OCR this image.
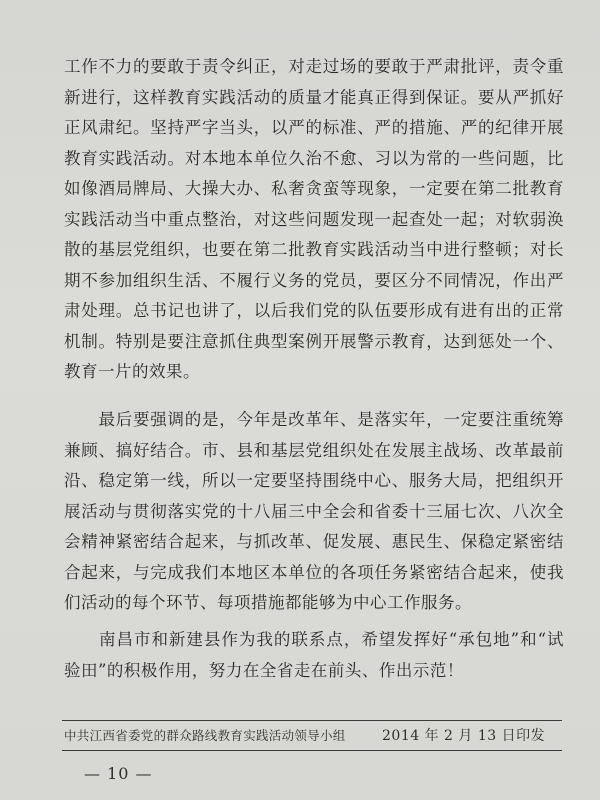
工作不力的要敢于责令纠正，对走过场的要敢于严肃批评，责令重新进行，这样教育实践活动的质量才能真正得到保证。要从严抓好正风肃纪。坚持严字当头，以严的标准、严的措施、严的纪律开展教育实践活动。对本地本单位久治不愈、习以为常的一些问题，比如像酒局牌局、大操大办、私奢贪蛮等现象，一定要在第二批教育实践活动当中重点整治，对这些问题发现一起查处一起；对软弱涣散的基层党组织，也要在第二批教育实践活动当中进行整顿；对长期不参加组织生活、不履行义务的党员，要区分不同情况，作出严肃处理。总书记也讲了，以后我们党的队伍要形成有进有出的正常机制。特别是要注意抓住典型案例开展警示教育，达到惩处一个、教育一片的效果。

　　最后要强调的是，今年是改革年、是落实年，一定要注重统筹兼顾、搞好结合。市、县和基层党组织处在发展主战场、改革最前沿、稳定第一线，所以一定要坚持围绕中心、服务大局，把组织开展活动与贯彻落实党的十八届三中全会和省委十三届七次、八次全会精神紧密结合起来，与抓改革、促发展、惠民生、保稳定紧密结合起来，与完成我们本地区本单位的各项任务紧密结合起来，使我们活动的每个环节、每项措施都能够为中心工作服务。

　　南昌市和新建县作为我的联系点，希望发挥好“承包地”和“试验田”的积极作用，努力在全省走在前头、作出示范！

中共江西省委党的群众路线教育实践活动领导小组	2014 年 2 月 13 日印发
— 10 —
